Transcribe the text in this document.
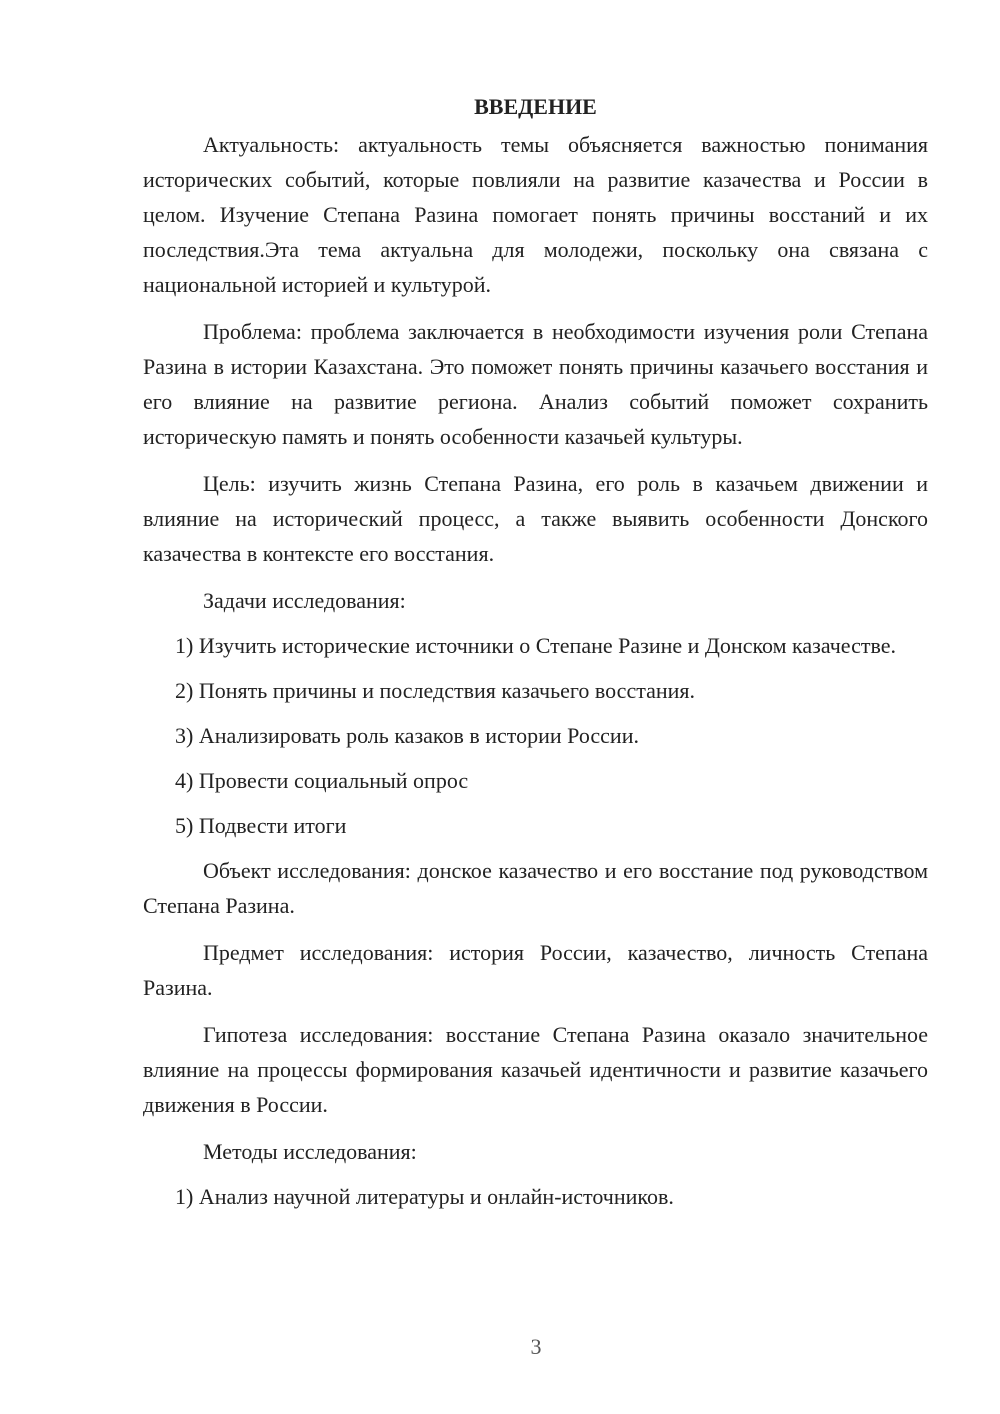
ВВЕДЕНИЕ

Актуальность: актуальность темы объясняется важностью понимания исторических событий, которые повлияли на развитие казачества и России в целом. Изучение Степана Разина помогает понять причины восстаний и их последствия.Эта тема актуальна для молодежи, поскольку она связана с национальной историей и культурой.

Проблема: проблема заключается в необходимости изучения роли Степана Разина в истории Казахстана. Это поможет понять причины казачьего восстания и его влияние на развитие региона. Анализ событий поможет сохранить историческую память и понять особенности казачьей культуры.

Цель: изучить жизнь Степана Разина, его роль в казачьем движении и влияние на исторический процесс, а также выявить особенности Донского казачества в контексте его восстания.

Задачи исследования:

1) Изучить исторические источники о Степане Разине и Донском казачестве.

2) Понять причины и последствия казачьего восстания.

3) Анализировать роль казаков в истории России.

4) Провести социальный опрос

5) Подвести итоги

Объект исследования: донское казачество и его восстание под руководством Степана Разина.

Предмет исследования: история России, казачество, личность Степана Разина.

Гипотеза исследования: восстание Степана Разина оказало значительное влияние на процессы формирования казачьей идентичности и развитие казачьего движения в России.

Методы исследования:

1) Анализ научной литературы и онлайн-источников.

3
